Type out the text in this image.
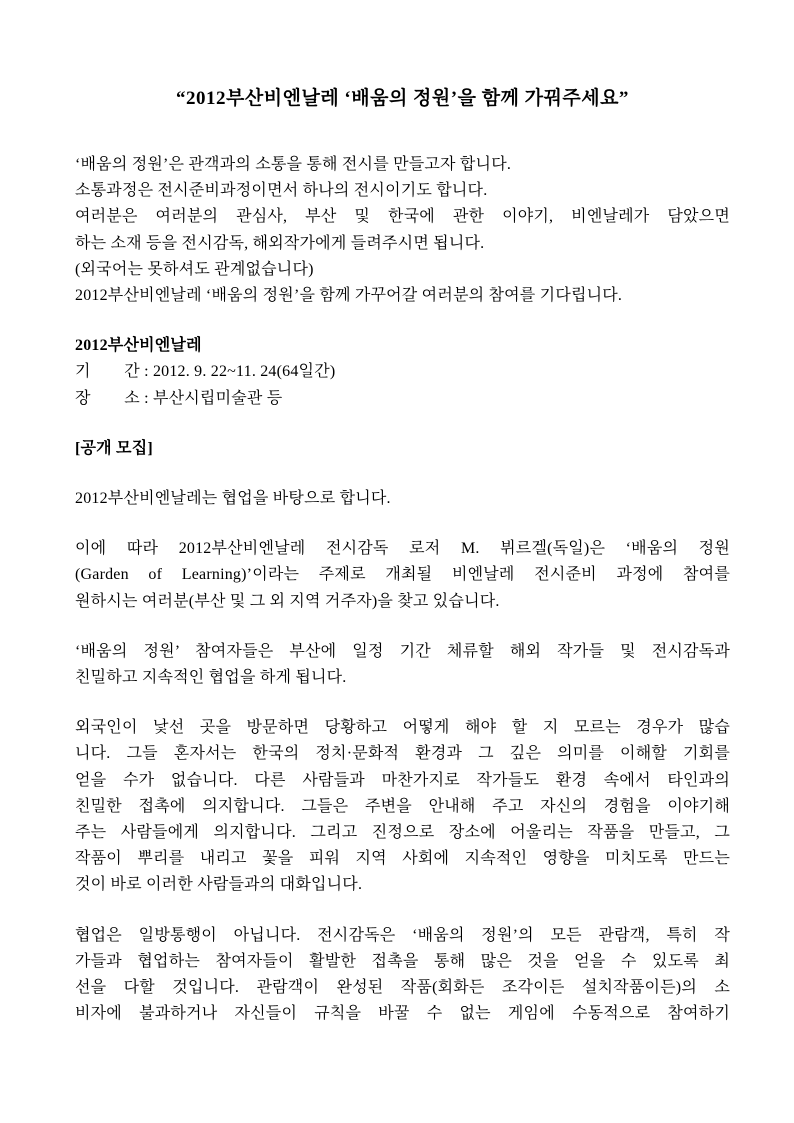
“2012부산비엔날레 ‘배움의 정원’을 함께 가꿔주세요”
‘배움의 정원’은 관객과의 소통을 통해 전시를 만들고자 합니다.
소통과정은 전시준비과정이면서 하나의 전시이기도 합니다.
여러분은 여러분의 관심사, 부산 및 한국에 관한 이야기, 비엔날레가 담았으면
하는 소재 등을 전시감독, 해외작가에게 들려주시면 됩니다.
(외국어는 못하셔도 관계없습니다)
2012부산비엔날레 ‘배움의 정원’을 함께 가꾸어갈 여러분의 참여를 기다립니다.
2012부산비엔날레
기        간 : 2012. 9. 22~11. 24(64일간)
장        소 : 부산시립미술관 등
[공개 모집]
2012부산비엔날레는 협업을 바탕으로 합니다.
이에 따라 2012부산비엔날레 전시감독 로저 M. 뷔르겔(독일)은 ‘배움의 정원
(Garden of Learning)’이라는 주제로 개최될 비엔날레 전시준비 과정에 참여를
원하시는 여러분(부산 및 그 외 지역 거주자)을 찾고 있습니다.
‘배움의 정원’ 참여자들은 부산에 일정 기간 체류할 해외 작가들 및 전시감독과
친밀하고 지속적인 협업을 하게 됩니다.
외국인이 낯선 곳을 방문하면 당황하고 어떻게 해야 할 지 모르는 경우가 많습
니다. 그들 혼자서는 한국의 정치·문화적 환경과 그 깊은 의미를 이해할 기회를
얻을 수가 없습니다. 다른 사람들과 마찬가지로 작가들도 환경 속에서 타인과의
친밀한 접촉에 의지합니다. 그들은 주변을 안내해 주고 자신의 경험을 이야기해
주는 사람들에게 의지합니다. 그리고 진정으로 장소에 어울리는 작품을 만들고, 그
작품이 뿌리를 내리고 꽃을 피워 지역 사회에 지속적인 영향을 미치도록 만드는
것이 바로 이러한 사람들과의 대화입니다.
협업은 일방통행이 아닙니다. 전시감독은 ‘배움의 정원’의 모든 관람객, 특히 작
가들과 협업하는 참여자들이 활발한 접촉을 통해 많은 것을 얻을 수 있도록 최
선을 다할 것입니다. 관람객이 완성된 작품(회화든 조각이든 설치작품이든)의 소
비자에 불과하거나 자신들이 규칙을 바꿀 수 없는 게임에 수동적으로 참여하기
